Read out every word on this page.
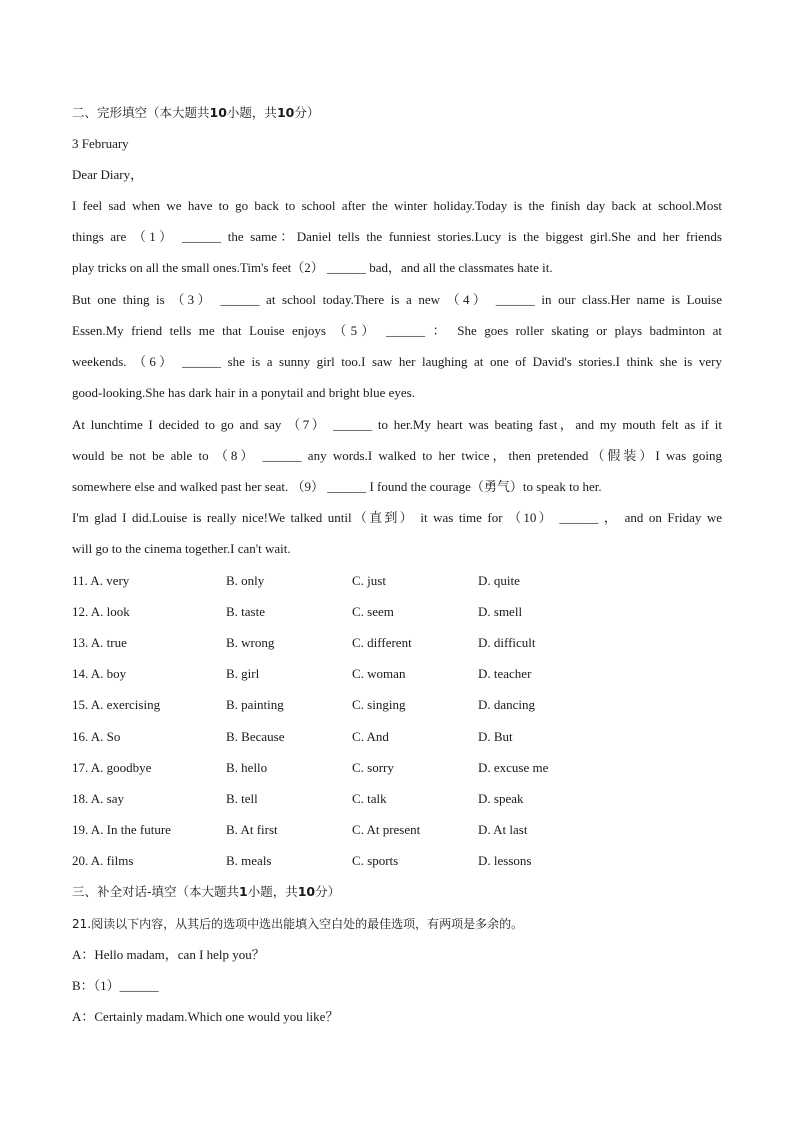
二、完形填空（本大题共10小题，共10分）
3 February
Dear Diary，
I feel sad when we have to go back to school after the winter holiday.Today is the finish day back at school.Most
things are （1） ______ the same：Daniel tells the funniest stories.Lucy is the biggest girl.She and her friends
play tricks on all the small ones.Tim's feet（2） ______ bad，and all the classmates hate it.
But one thing is （3） ______ at school today.There is a new （4） ______ in our class.Her name is Louise
Essen.My friend tells me that Louise enjoys （5） ______ ： She goes roller skating or plays badminton at
weekends. （6） ______ she is a sunny girl too.I saw her laughing at one of David's stories.I think she is very
good-looking.She has dark hair in a ponytail and bright blue eyes.
At lunchtime I decided to go and say （7） ______ to her.My heart was beating fast，and my mouth felt as if it
would be not be able to （8） ______ any words.I walked to her twice，then pretended（假装）I was going
somewhere else and walked past her seat. （9） ______ I found the courage（勇气）to speak to her.
I'm glad I did.Louise is really nice!We talked until（直到） it was time for （10） ______ ， and on Friday we
will go to the cinema together.I can't wait.
11. A. very	B. only	C. just	D. quite
12. A. look	B. taste	C. seem	D. smell
13. A. true	B. wrong	C. different	D. difficult
14. A. boy	B. girl	C. woman	D. teacher
15. A. exercising	B. painting	C. singing	D. dancing
16. A. So	B. Because	C. And	D. But
17. A. goodbye	B. hello	C. sorry	D. excuse me
18. A. say	B. tell	C. talk	D. speak
19. A. In the future	B. At first	C. At present	D. At last
20. A. films	B. meals	C. sports	D. lessons
三、补全对话-填空（本大题共1小题，共10分）
21.阅读以下内容，从其后的选项中选出能填入空白处的最佳选项，有两项是多余的。
A：Hello madam，can I help you？
B：（1）______
A：Certainly madam.Which one would you like？
